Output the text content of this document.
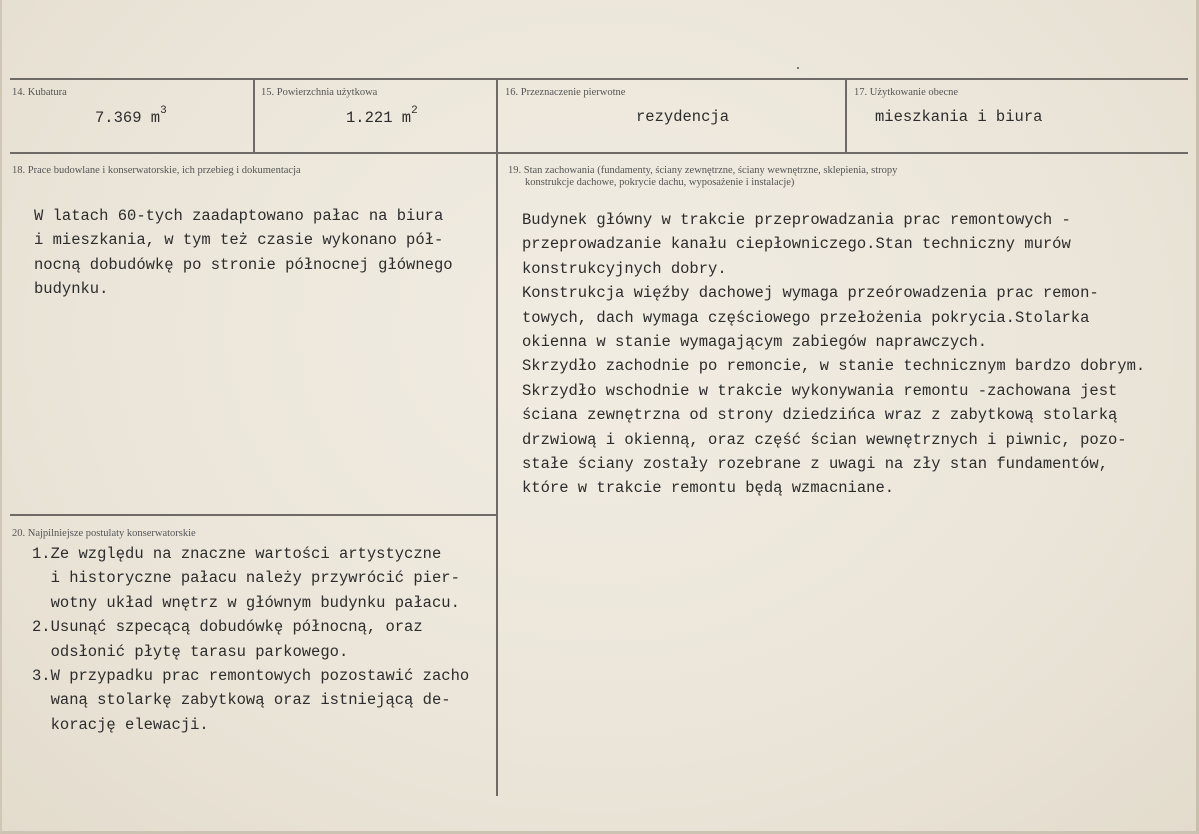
14. Kubatura
7.369 $m^3$
15. Powierzchnia użytkowa
1.221 $m^2$
16. Przeznaczenie pierwotne
rezydencja
17. Użytkowanie obecne
mieszkania i biura
18. Prace budowlane i konserwatorskie, ich przebieg i dokumentacja
W latach 60-tych zaadaptowano pałac na biura
i mieszkania, w tym też czasie wykonano pół-
nocną dobudówkę po stronie północnej głównego
budynku.
19. Stan zachowania (fundamenty, ściany zewnętrzne, ściany wewnętrzne, sklepienia, stropy
konstrukcje dachowe, pokrycie dachu, wyposażenie i instalacje)
Budynek główny w trakcie przeprowadzania prac remontowych -
przeprowadzanie kanału ciepłowniczego.Stan techniczny murów
konstrukcyjnych dobry.
Konstrukcja więźby dachowej wymaga przeórowadzenia prac remon-
towych, dach wymaga częściowego przełożenia pokrycia.Stolarka
okienna w stanie wymagającym zabiegów naprawczych.
Skrzydło zachodnie po remoncie, w stanie technicznym bardzo dobrym.
Skrzydło wschodnie w trakcie wykonywania remontu -zachowana jest
ściana zewnętrzna od strony dziedzińca wraz z zabytkową stolarką
drzwiową i okienną, oraz część ścian wewnętrznych i piwnic, pozo-
stałe ściany zostały rozebrane z uwagi na zły stan fundamentów,
które w trakcie remontu będą wzmacniane.
20. Najpilniejsze postulaty konserwatorskie
1.Ze względu na znaczne wartości artystyczne
i historyczne pałacu należy przywrócić pier-
wotny układ wnętrz w głównym budynku pałacu.
2.Usunąć szpecącą dobudówkę północną, oraz
odsłonić płytę tarasu parkowego.
3.W przypadku prac remontowych pozostawić zacho
waną stolarkę zabytkową oraz istniejącą de-
korację elewacji.
